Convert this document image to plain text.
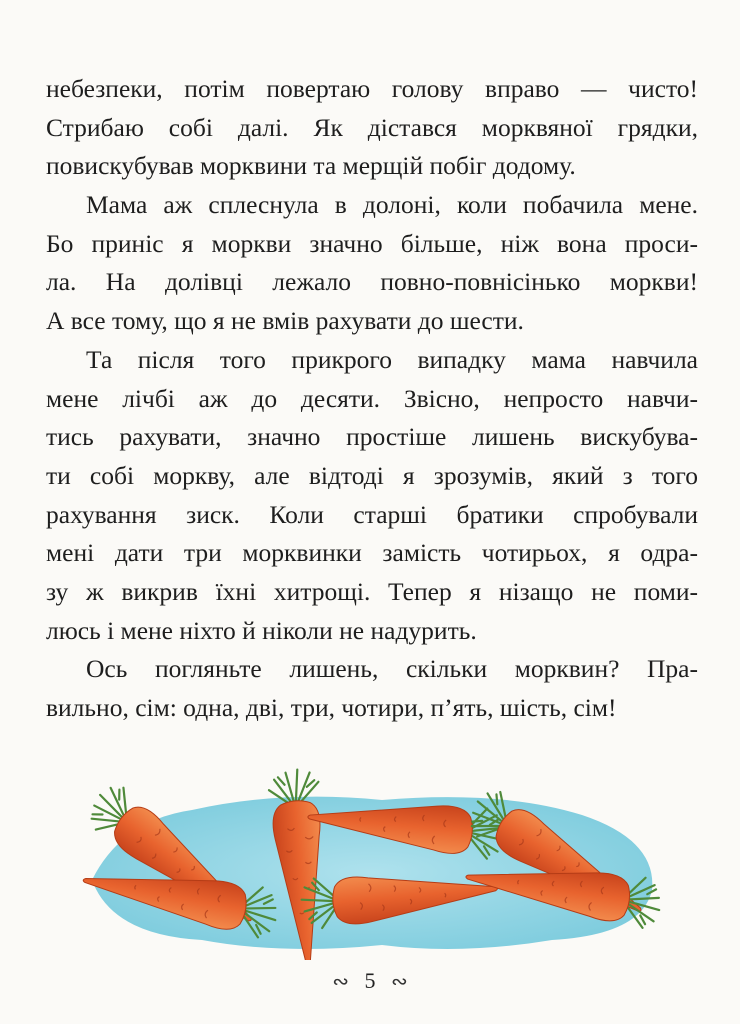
небезпеки, потім повертаю голову вправо — чисто!
Стрибаю собі далі. Як дістався морквяної грядки,
повискубував морквини та мерщій побіг додому.
Мама аж сплеснула в долоні, коли побачила мене.
Бо приніс я моркви значно більше, ніж вона проси-
ла. На долівці лежало повно-повнісінько моркви!
А все тому, що я не вмів рахувати до шести.
Та після того прикрого випадку мама навчила
мене лічбі аж до десяти. Звісно, непросто навчи-
тись рахувати, значно простіше лишень вискубува-
ти собі моркву, але відтоді я зрозумів, який з того
рахування зиск. Коли старші братики спробували
мені дати три морквинки замість чотирьох, я одра-
зу ж викрив їхні хитрощі. Тепер я нізащо не поми-
люсь і мене ніхто й ніколи не надурить.
Ось погляньте лишень, скільки морквин? Пра-
вильно, сім: одна, дві, три, чотири, п’ять, шість, сім!
∾ 5 ∾
